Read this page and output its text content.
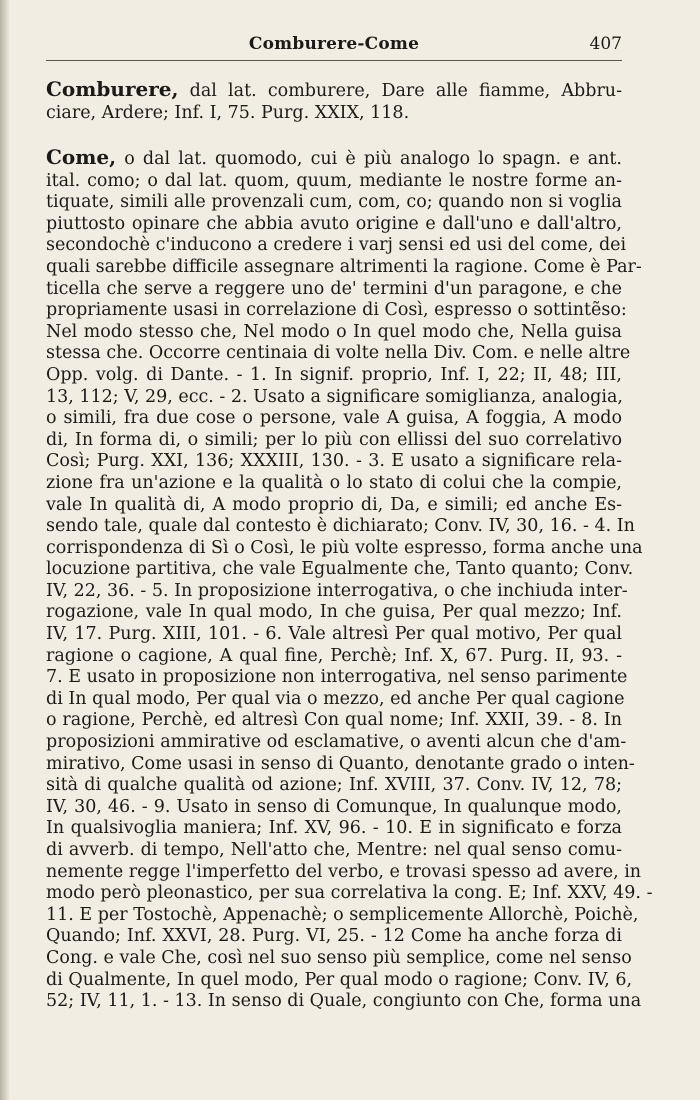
Comburere-Come	407

Comburere, dal lat. comburere, Dare alle fiamme, Abbru-
ciare, Ardere; Inf. I, 75. Purg. XXIX, 118.

Come, o dal lat. quomodo, cui è più analogo lo spagn. e ant.
ital. como; o dal lat. quom, quum, mediante le nostre forme an-
tiquate, simili alle provenzali cum, com, co; quando non si voglia
piuttosto opinare che abbia avuto origine e dall'uno e dall'altro,
secondochè c'inducono a credere i varj sensi ed usi del come, dei
quali sarebbe difficile assegnare altrimenti la ragione. Come è Par-
ticella che serve a reggere uno de' termini d'un paragone, e che
propriamente usasi in correlazione di Così, espresso o sottintẽso:
Nel modo stesso che, Nel modo o In quel modo che, Nella guisa
stessa che. Occorre centinaia di volte nella Div. Com. e nelle altre
Opp. volg. di Dante. - 1. In signif. proprio, Inf. I, 22; II, 48; III,
13, 112; V, 29, ecc. - 2. Usato a significare somiglianza, analogia,
o simili, fra due cose o persone, vale A guisa, A foggia, A modo
di, In forma di, o simili; per lo più con ellissi del suo correlativo
Così; Purg. XXI, 136; XXXIII, 130. - 3. E usato a significare rela-
zione fra un'azione e la qualità o lo stato di colui che la compie,
vale In qualità di, A modo proprio di, Da, e simili; ed anche Es-
sendo tale, quale dal contesto è dichiarato; Conv. IV, 30, 16. - 4. In
corrispondenza di Sì o Così, le più volte espresso, forma anche una
locuzione partitiva, che vale Egualmente che, Tanto quanto; Conv.
IV, 22, 36. - 5. In proposizione interrogativa, o che inchiuda inter-
rogazione, vale In qual modo, In che guisa, Per qual mezzo; Inf.
IV, 17. Purg. XIII, 101. - 6. Vale altresì Per qual motivo, Per qual
ragione o cagione, A qual fine, Perchè; Inf. X, 67. Purg. II, 93. -
7. E usato in proposizione non interrogativa, nel senso parimente
di In qual modo, Per qual via o mezzo, ed anche Per qual cagione
o ragione, Perchè, ed altresì Con qual nome; Inf. XXII, 39. - 8. In
proposizioni ammirative od esclamative, o aventi alcun che d'am-
mirativo, Come usasi in senso di Quanto, denotante grado o inten-
sità di qualche qualità od azione; Inf. XVIII, 37. Conv. IV, 12, 78;
IV, 30, 46. - 9. Usato in senso di Comunque, In qualunque modo,
In qualsivoglia maniera; Inf. XV, 96. - 10. E in significato e forza
di avverb. di tempo, Nell'atto che, Mentre: nel qual senso comu-
nemente regge l'imperfetto del verbo, e trovasi spesso ad avere, in
modo però pleonastico, per sua correlativa la cong. E; Inf. XXV, 49. -
11. E per Tostochè, Appenachè; o semplicemente Allorchè, Poichè,
Quando; Inf. XXVI, 28. Purg. VI, 25. - 12 Come ha anche forza di
Cong. e vale Che, così nel suo senso più semplice, come nel senso
di Qualmente, In quel modo, Per qual modo o ragione; Conv. IV, 6,
52; IV, 11, 1. - 13. In senso di Quale, congiunto con Che, forma una
